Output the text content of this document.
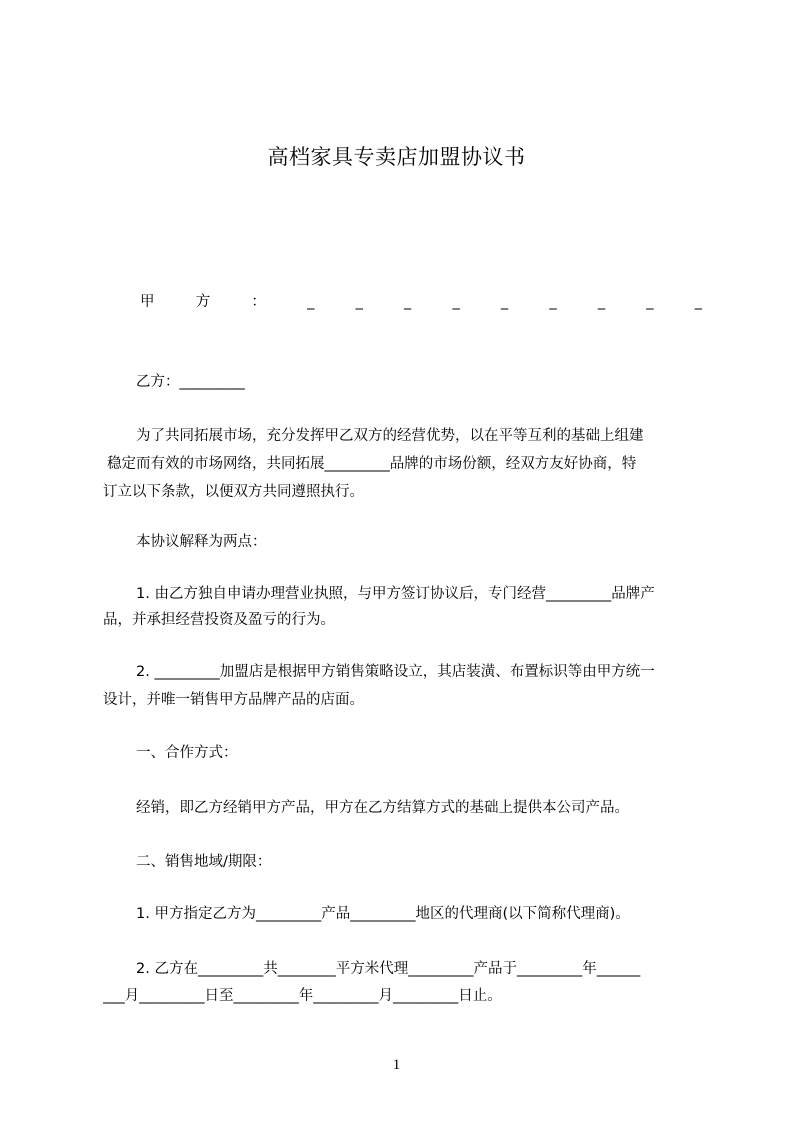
高档家具专卖店加盟协议书
甲	方	：	_	_	_	_	_	_	_	_	_
乙方：_________
为了共同拓展市场，充分发挥甲乙双方的经营优势，以在平等互利的基础上组建
稳定而有效的市场网络，共同拓展_________品牌的市场份额，经双方友好协商，特
订立以下条款，以便双方共同遵照执行。
本协议解释为两点：
1. 由乙方独自申请办理营业执照，与甲方签订协议后，专门经营_________品牌产
品，并承担经营投资及盈亏的行为。
2. _________加盟店是根据甲方销售策略设立，其店装潢、布置标识等由甲方统一
设计，并唯一销售甲方品牌产品的店面。
一、合作方式：
经销，即乙方经销甲方产品，甲方在乙方结算方式的基础上提供本公司产品。
二、销售地域/期限：
1. 甲方指定乙方为_________产品_________地区的代理商(以下简称代理商)。
2. 乙方在_________共________平方米代理_________产品于_________年______
___月_________日至_________年_________月_________日止。
1
